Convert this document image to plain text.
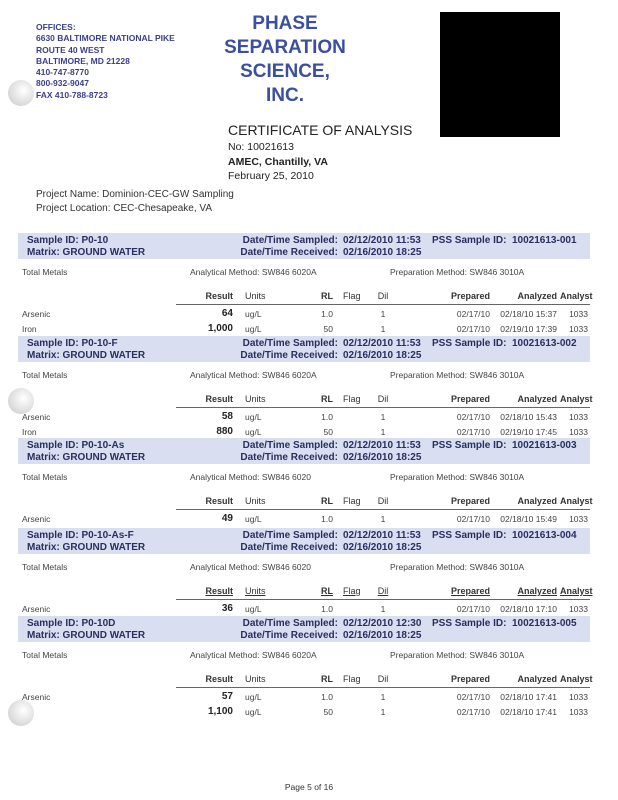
OFFICES:
6630 BALTIMORE NATIONAL PIKE
ROUTE 40 WEST
BALTIMORE, MD 21228
410-747-8770
800-932-9047
FAX 410-788-8723
PHASE
SEPARATION
SCIENCE,
INC.
CERTIFICATE OF ANALYSIS
No: 10021613
AMEC, Chantilly, VA
February 25, 2010
Project Name: Dominion-CEC-GW Sampling
Project Location: CEC-Chesapeake, VA
Sample ID: P0-10
Matrix: GROUND WATER
Date/Time Sampled:
Date/Time Received:
02/12/2010 11:53
02/16/2010 18:25
PSS Sample ID: 10021613-001
Total Metals	Analytical Method: SW846 6020A	Preparation Method: SW846 3010A
Result Units	RL Flag	Dil	Prepared	Analyzed Analyst
Arsenic	64 ug/L	1.0	1	02/17/10	02/18/10 15:37	1033
Iron	1,000 ug/L	50	1	02/17/10	02/19/10 17:39	1033
Sample ID: P0-10-F
Matrix: GROUND WATER
Date/Time Sampled:
Date/Time Received:
02/12/2010 11:53
02/16/2010 18:25
PSS Sample ID: 10021613-002
Total Metals	Analytical Method: SW846 6020A	Preparation Method: SW846 3010A
Result Units	RL Flag	Dil	Prepared	Analyzed Analyst
Arsenic	58 ug/L	1.0	1	02/17/10	02/18/10 15:43	1033
Iron	880 ug/L	50	1	02/17/10	02/19/10 17:45	1033
Sample ID: P0-10-As
Matrix: GROUND WATER
Date/Time Sampled:
Date/Time Received:
02/12/2010 11:53
02/16/2010 18:25
PSS Sample ID: 10021613-003
Total Metals	Analytical Method: SW846 6020	Preparation Method: SW846 3010A
Result Units	RL Flag	Dil	Prepared	Analyzed Analyst
Arsenic	49 ug/L	1.0	1	02/17/10	02/18/10 15:49	1033
Sample ID: P0-10-As-F
Matrix: GROUND WATER
Date/Time Sampled:
Date/Time Received:
02/12/2010 11:53
02/16/2010 18:25
PSS Sample ID: 10021613-004
Total Metals	Analytical Method: SW846 6020	Preparation Method: SW846 3010A
Result Units	RL Flag	Dil	Prepared	Analyzed Analyst
Arsenic	36 ug/L	1.0	1	02/17/10	02/18/10 17:10	1033
Sample ID: P0-10D
Matrix: GROUND WATER
Date/Time Sampled:
Date/Time Received:
02/12/2010 12:30
02/16/2010 18:25
PSS Sample ID: 10021613-005
Total Metals	Analytical Method: SW846 6020A	Preparation Method: SW846 3010A
Result Units	RL Flag	Dil	Prepared	Analyzed Analyst
Arsenic	57 ug/L	1.0	1	02/17/10	02/18/10 17:41	1033
1,100 ug/L	50	1	02/17/10	02/18/10 17:41	1033
Page 5 of 16
